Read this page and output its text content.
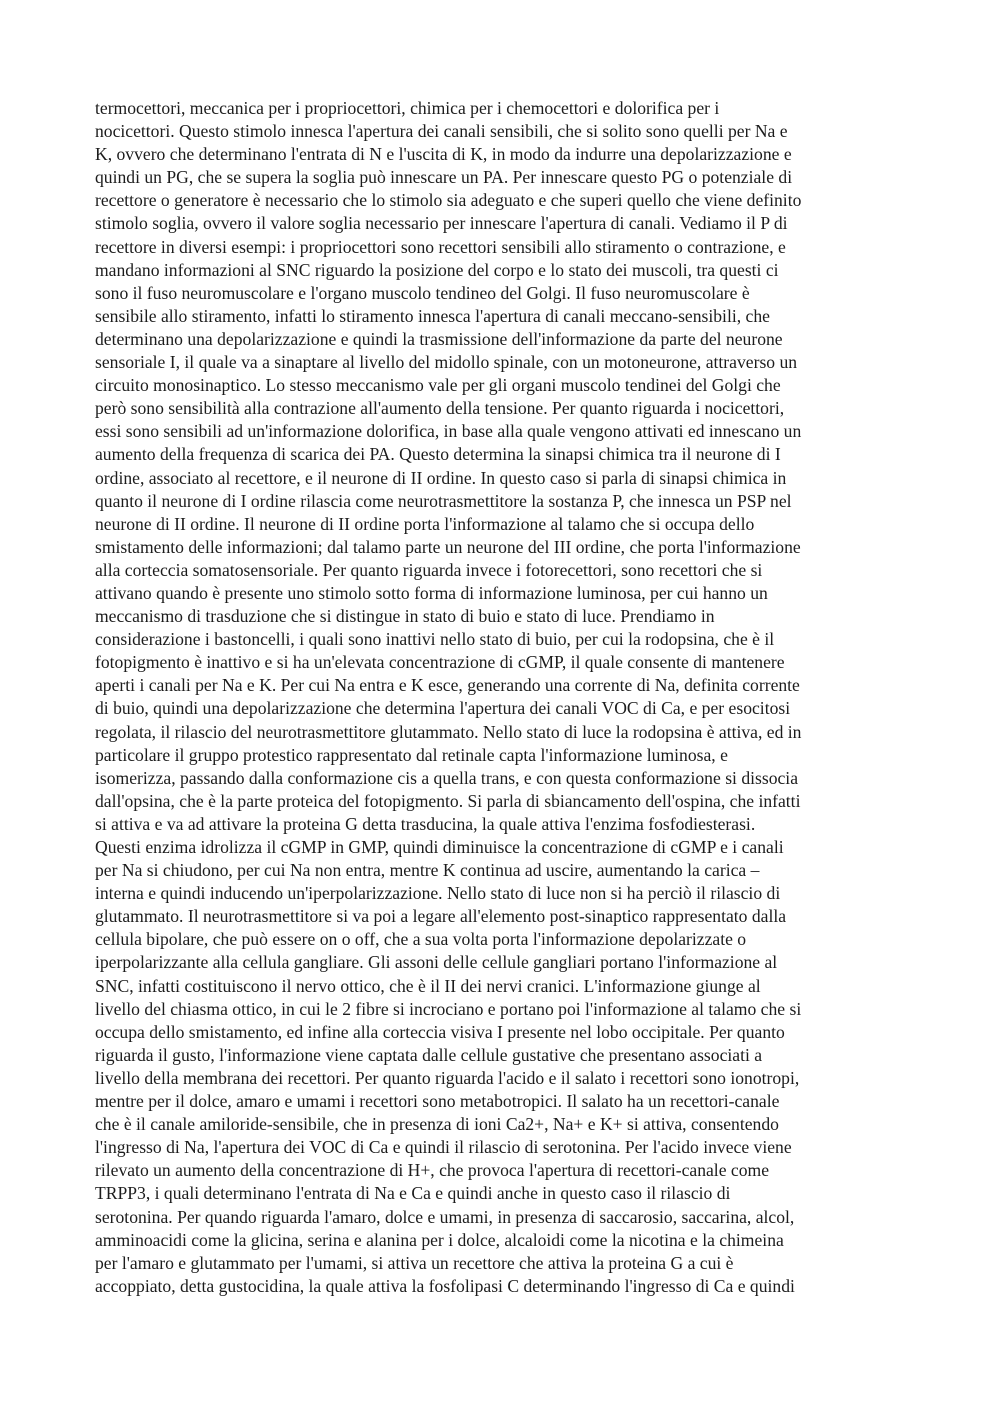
termocettori, meccanica per i propriocettori, chimica per i chemocettori e dolorifica per i
nocicettori. Questo stimolo innesca l'apertura dei canali sensibili, che si solito sono quelli per Na e
K, ovvero che determinano l'entrata di N e l'uscita di K, in modo da indurre una depolarizzazione e
quindi un PG, che se supera la soglia può innescare un PA. Per innescare questo PG o potenziale di
recettore o generatore è necessario che lo stimolo sia adeguato e che superi quello che viene definito
stimolo soglia, ovvero il valore soglia necessario per innescare l'apertura di canali. Vediamo il P di
recettore in diversi esempi: i propriocettori sono recettori sensibili allo stiramento o contrazione, e
mandano informazioni al SNC riguardo la posizione del corpo e lo stato dei muscoli, tra questi ci
sono il fuso neuromuscolare e l'organo muscolo tendineo del Golgi. Il fuso neuromuscolare è
sensibile allo stiramento, infatti lo stiramento innesca l'apertura di canali meccano-sensibili, che
determinano una depolarizzazione e quindi la trasmissione dell'informazione da parte del neurone
sensoriale I, il quale va a sinaptare al livello del midollo spinale, con un motoneurone, attraverso un
circuito monosinaptico. Lo stesso meccanismo vale per gli organi muscolo tendinei del Golgi che
però sono sensibilità alla contrazione all'aumento della tensione. Per quanto riguarda i nocicettori,
essi sono sensibili ad un'informazione dolorifica, in base alla quale vengono attivati ed innescano un
aumento della frequenza di scarica dei PA. Questo determina la sinapsi chimica tra il neurone di I
ordine, associato al recettore, e il neurone di II ordine. In questo caso si parla di sinapsi chimica in
quanto il neurone di I ordine rilascia come neurotrasmettitore la sostanza P, che innesca un PSP nel
neurone di II ordine. Il neurone di II ordine porta l'informazione al talamo che si occupa dello
smistamento delle informazioni; dal talamo parte un neurone del III ordine, che porta l'informazione
alla corteccia somatosensoriale. Per quanto riguarda invece i fotorecettori, sono recettori che si
attivano quando è presente uno stimolo sotto forma di informazione luminosa, per cui hanno un
meccanismo di trasduzione che si distingue in stato di buio e stato di luce. Prendiamo in
considerazione i bastoncelli, i quali sono inattivi nello stato di buio, per cui la rodopsina, che è il
fotopigmento è inattivo e si ha un'elevata concentrazione di cGMP, il quale consente di mantenere
aperti i canali per Na e K. Per cui Na entra e K esce, generando una corrente di Na, definita corrente
di buio, quindi una depolarizzazione che determina l'apertura dei canali VOC di Ca, e per esocitosi
regolata, il rilascio del neurotrasmettitore glutammato. Nello stato di luce la rodopsina è attiva, ed in
particolare il gruppo protestico rappresentato dal retinale capta l'informazione luminosa, e
isomerizza, passando dalla conformazione cis a quella trans, e con questa conformazione si dissocia
dall'opsina, che è la parte proteica del fotopigmento. Si parla di sbiancamento dell'ospina, che infatti
si attiva e va ad attivare la proteina G detta trasducina, la quale attiva l'enzima fosfodiesterasi.
Questi enzima idrolizza il cGMP in GMP, quindi diminuisce la concentrazione di cGMP e i canali
per Na si chiudono, per cui Na non entra, mentre K continua ad uscire, aumentando la carica –
interna e quindi inducendo un'iperpolarizzazione. Nello stato di luce non si ha perciò il rilascio di
glutammato. Il neurotrasmettitore si va poi a legare all'elemento post-sinaptico rappresentato dalla
cellula bipolare, che può essere on o off, che a sua volta porta l'informazione depolarizzate o
iperpolarizzante alla cellula gangliare. Gli assoni delle cellule gangliari portano l'informazione al
SNC, infatti costituiscono il nervo ottico, che è il II dei nervi cranici. L'informazione giunge al
livello del chiasma ottico, in cui le 2 fibre si incrociano e portano poi l'informazione al talamo che si
occupa dello smistamento, ed infine alla corteccia visiva I presente nel lobo occipitale. Per quanto
riguarda il gusto, l'informazione viene captata dalle cellule gustative che presentano associati a
livello della membrana dei recettori. Per quanto riguarda l'acido e il salato i recettori sono ionotropi,
mentre per il dolce, amaro e umami i recettori sono metabotropici. Il salato ha un recettori-canale
che è il canale amiloride-sensibile, che in presenza di ioni Ca2+, Na+ e K+ si attiva, consentendo
l'ingresso di Na, l'apertura dei VOC di Ca e quindi il rilascio di serotonina. Per l'acido invece viene
rilevato un aumento della concentrazione di H+, che provoca l'apertura di recettori-canale come
TRPP3, i quali determinano l'entrata di Na e Ca e quindi anche in questo caso il rilascio di
serotonina. Per quando riguarda l'amaro, dolce e umami, in presenza di saccarosio, saccarina, alcol,
amminoacidi come la glicina, serina e alanina per i dolce, alcaloidi come la nicotina e la chimeina
per l'amaro e glutammato per l'umami, si attiva un recettore che attiva la proteina G a cui è
accoppiato, detta gustocidina, la quale attiva la fosfolipasi C determinando l'ingresso di Ca e quindi
